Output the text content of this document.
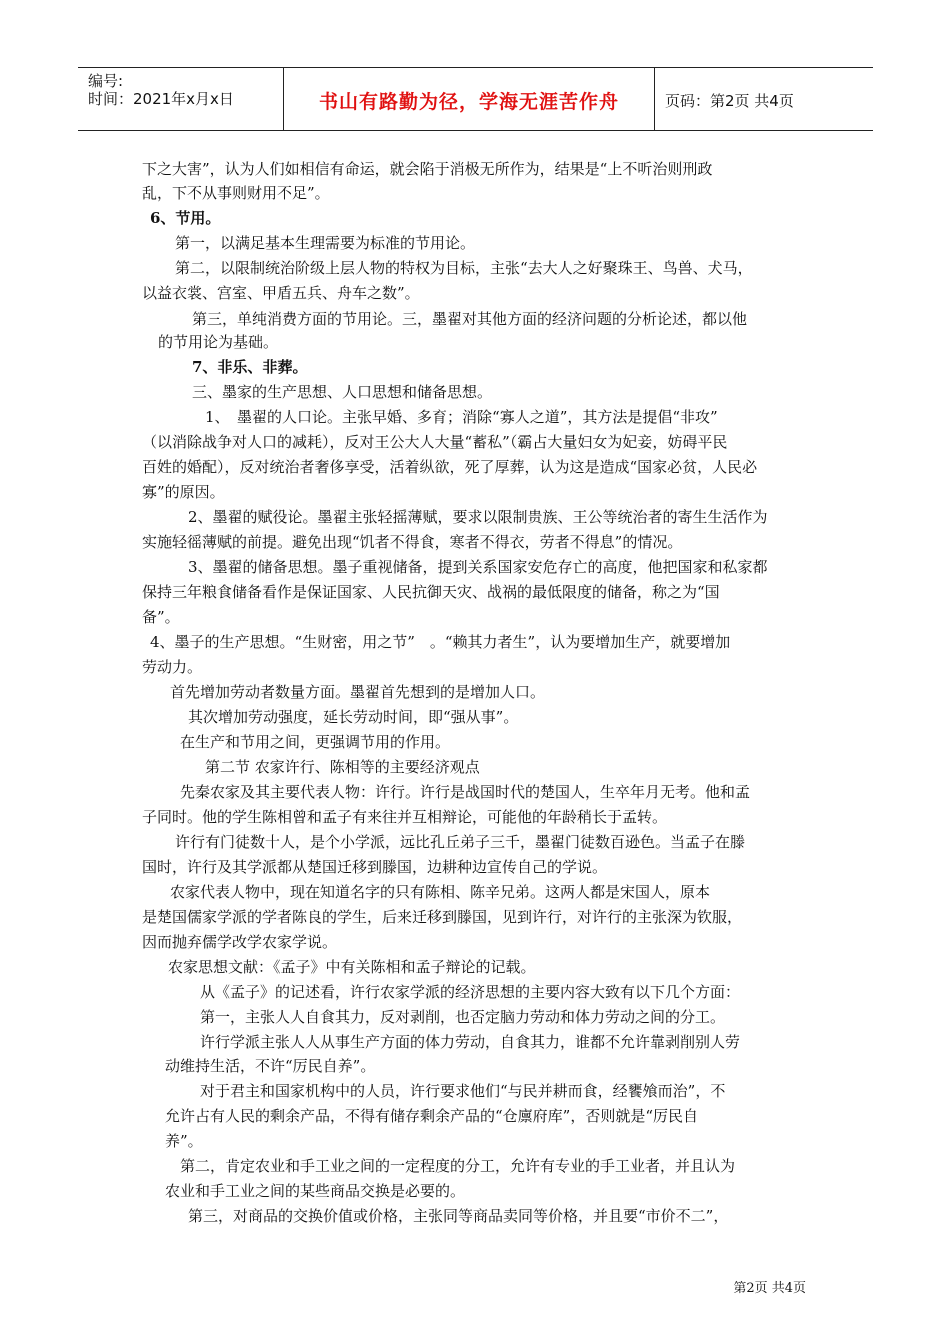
编号:
时间：2021年x月x日	书山有路勤为径，学海无涯苦作舟	页码：第2页 共4页
下之大害”，认为人们如相信有命运，就会陷于消极无所作为，结果是“上不听治则刑政
乱，下不从事则财用不足”。
6、节用。
第一，以满足基本生理需要为标准的节用论。
第二，以限制统治阶级上层人物的特权为目标，主张“去大人之好聚珠王、鸟兽、犬马，
以益衣裳、宫室、甲盾五兵、舟车之数”。
第三，单纯消费方面的节用论。三，墨翟对其他方面的经济问题的分析论述，都以他
的节用论为基础。
7、非乐、非葬。
三、墨家的生产思想、人口思想和储备思想。
1、　墨翟的人口论。主张早婚、多育；消除“寡人之道”，其方法是提倡“非攻”
（以消除战争对人口的减耗），反对王公大人大量“蓄私”（霸占大量妇女为妃妾，妨碍平民
百姓的婚配），反对统治者奢侈享受，活着纵欲，死了厚葬，认为这是造成“国家必贫，人民必
寡”的原因。
2、墨翟的赋役论。墨翟主张轻摇薄赋，要求以限制贵族、王公等统治者的寄生生活作为
实施轻徭薄赋的前提。避免出现“饥者不得食，寒者不得衣，劳者不得息”的情况。
3、墨翟的储备思想。墨子重视储备，提到关系国家安危存亡的高度，他把国家和私家都
保持三年粮食储备看作是保证国家、人民抗御天灾、战祸的最低限度的储备，称之为“国
备”。
4、墨子的生产思想。“生财密，用之节”　。“赖其力者生”，认为要增加生产，就要增加
劳动力。
首先增加劳动者数量方面。墨翟首先想到的是增加人口。
其次增加劳动强度，延长劳动时间，即“强从事”。
在生产和节用之间，更强调节用的作用。
第二节 农家许行、陈相等的主要经济观点
先秦农家及其主要代表人物：许行。许行是战国时代的楚国人，生卒年月无考。他和孟
子同时。他的学生陈相曾和孟子有来往并互相辩论，可能他的年龄稍长于孟转。
许行有门徒数十人，是个小学派，远比孔丘弟子三千，墨翟门徒数百逊色。当孟子在滕
国时，许行及其学派都从楚国迁移到滕国，边耕种边宣传自己的学说。
农家代表人物中，现在知道名字的只有陈相、陈辛兄弟。这两人都是宋国人，原本
是楚国儒家学派的学者陈良的学生，后来迁移到滕国，见到许行，对许行的主张深为钦服，
因而抛弃儒学改学农家学说。
农家思想文献：《孟子》中有关陈相和孟子辩论的记载。
从《孟子》的记述看，许行农家学派的经济思想的主要内容大致有以下几个方面：
第一，主张人人自食其力，反对剥削，也否定脑力劳动和体力劳动之间的分工。
许行学派主张人人从事生产方面的体力劳动，自食其力，谁都不允许靠剥削别人劳
动维持生活，不许“厉民自养”。
对于君主和国家机构中的人员，许行要求他们“与民并耕而食，经饔飧而治”，不
允许占有人民的剩余产品，不得有储存剩余产品的“仓廪府库”，否则就是“厉民自
养”。
第二，肯定农业和手工业之间的一定程度的分工，允许有专业的手工业者，并且认为
农业和手工业之间的某些商品交换是必要的。
第三，对商品的交换价值或价格，主张同等商品卖同等价格，并且要“市价不二”，
第2页 共4页
